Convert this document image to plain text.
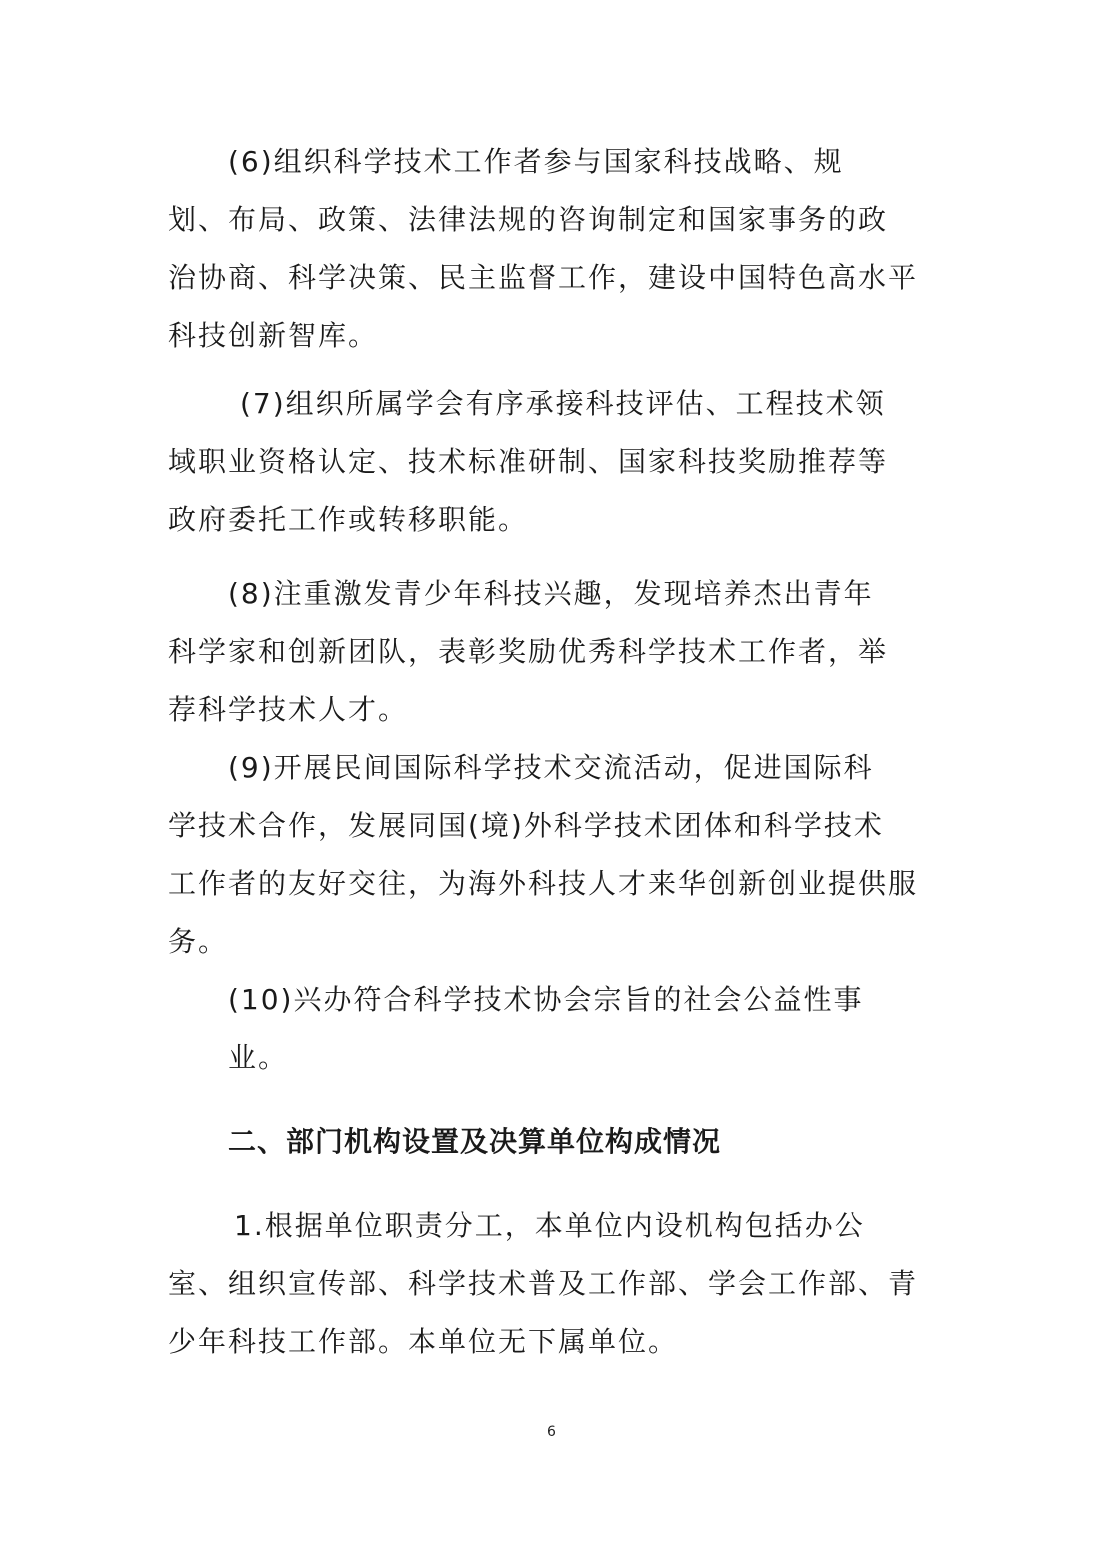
(6)组织科学技术工作者参与国家科技战略、规

划、布局、政策、法律法规的咨询制定和国家事务的政

治协商、科学决策、民主监督工作，建设中国特色高水平

科技创新智库。

(7)组织所属学会有序承接科技评估、工程技术领

域职业资格认定、技术标准研制、国家科技奖励推荐等

政府委托工作或转移职能。

(8)注重激发青少年科技兴趣，发现培养杰出青年

科学家和创新团队，表彰奖励优秀科学技术工作者，举

荐科学技术人才。

(9)开展民间国际科学技术交流活动，促进国际科

学技术合作，发展同国(境)外科学技术团体和科学技术

工作者的友好交往，为海外科技人才来华创新创业提供服

务。

(10)兴办符合科学技术协会宗旨的社会公益性事

业。

二、部门机构设置及决算单位构成情况

1.根据单位职责分工，本单位内设机构包括办公

室、组织宣传部、科学技术普及工作部、学会工作部、青

少年科技工作部。本单位无下属单位。

6
